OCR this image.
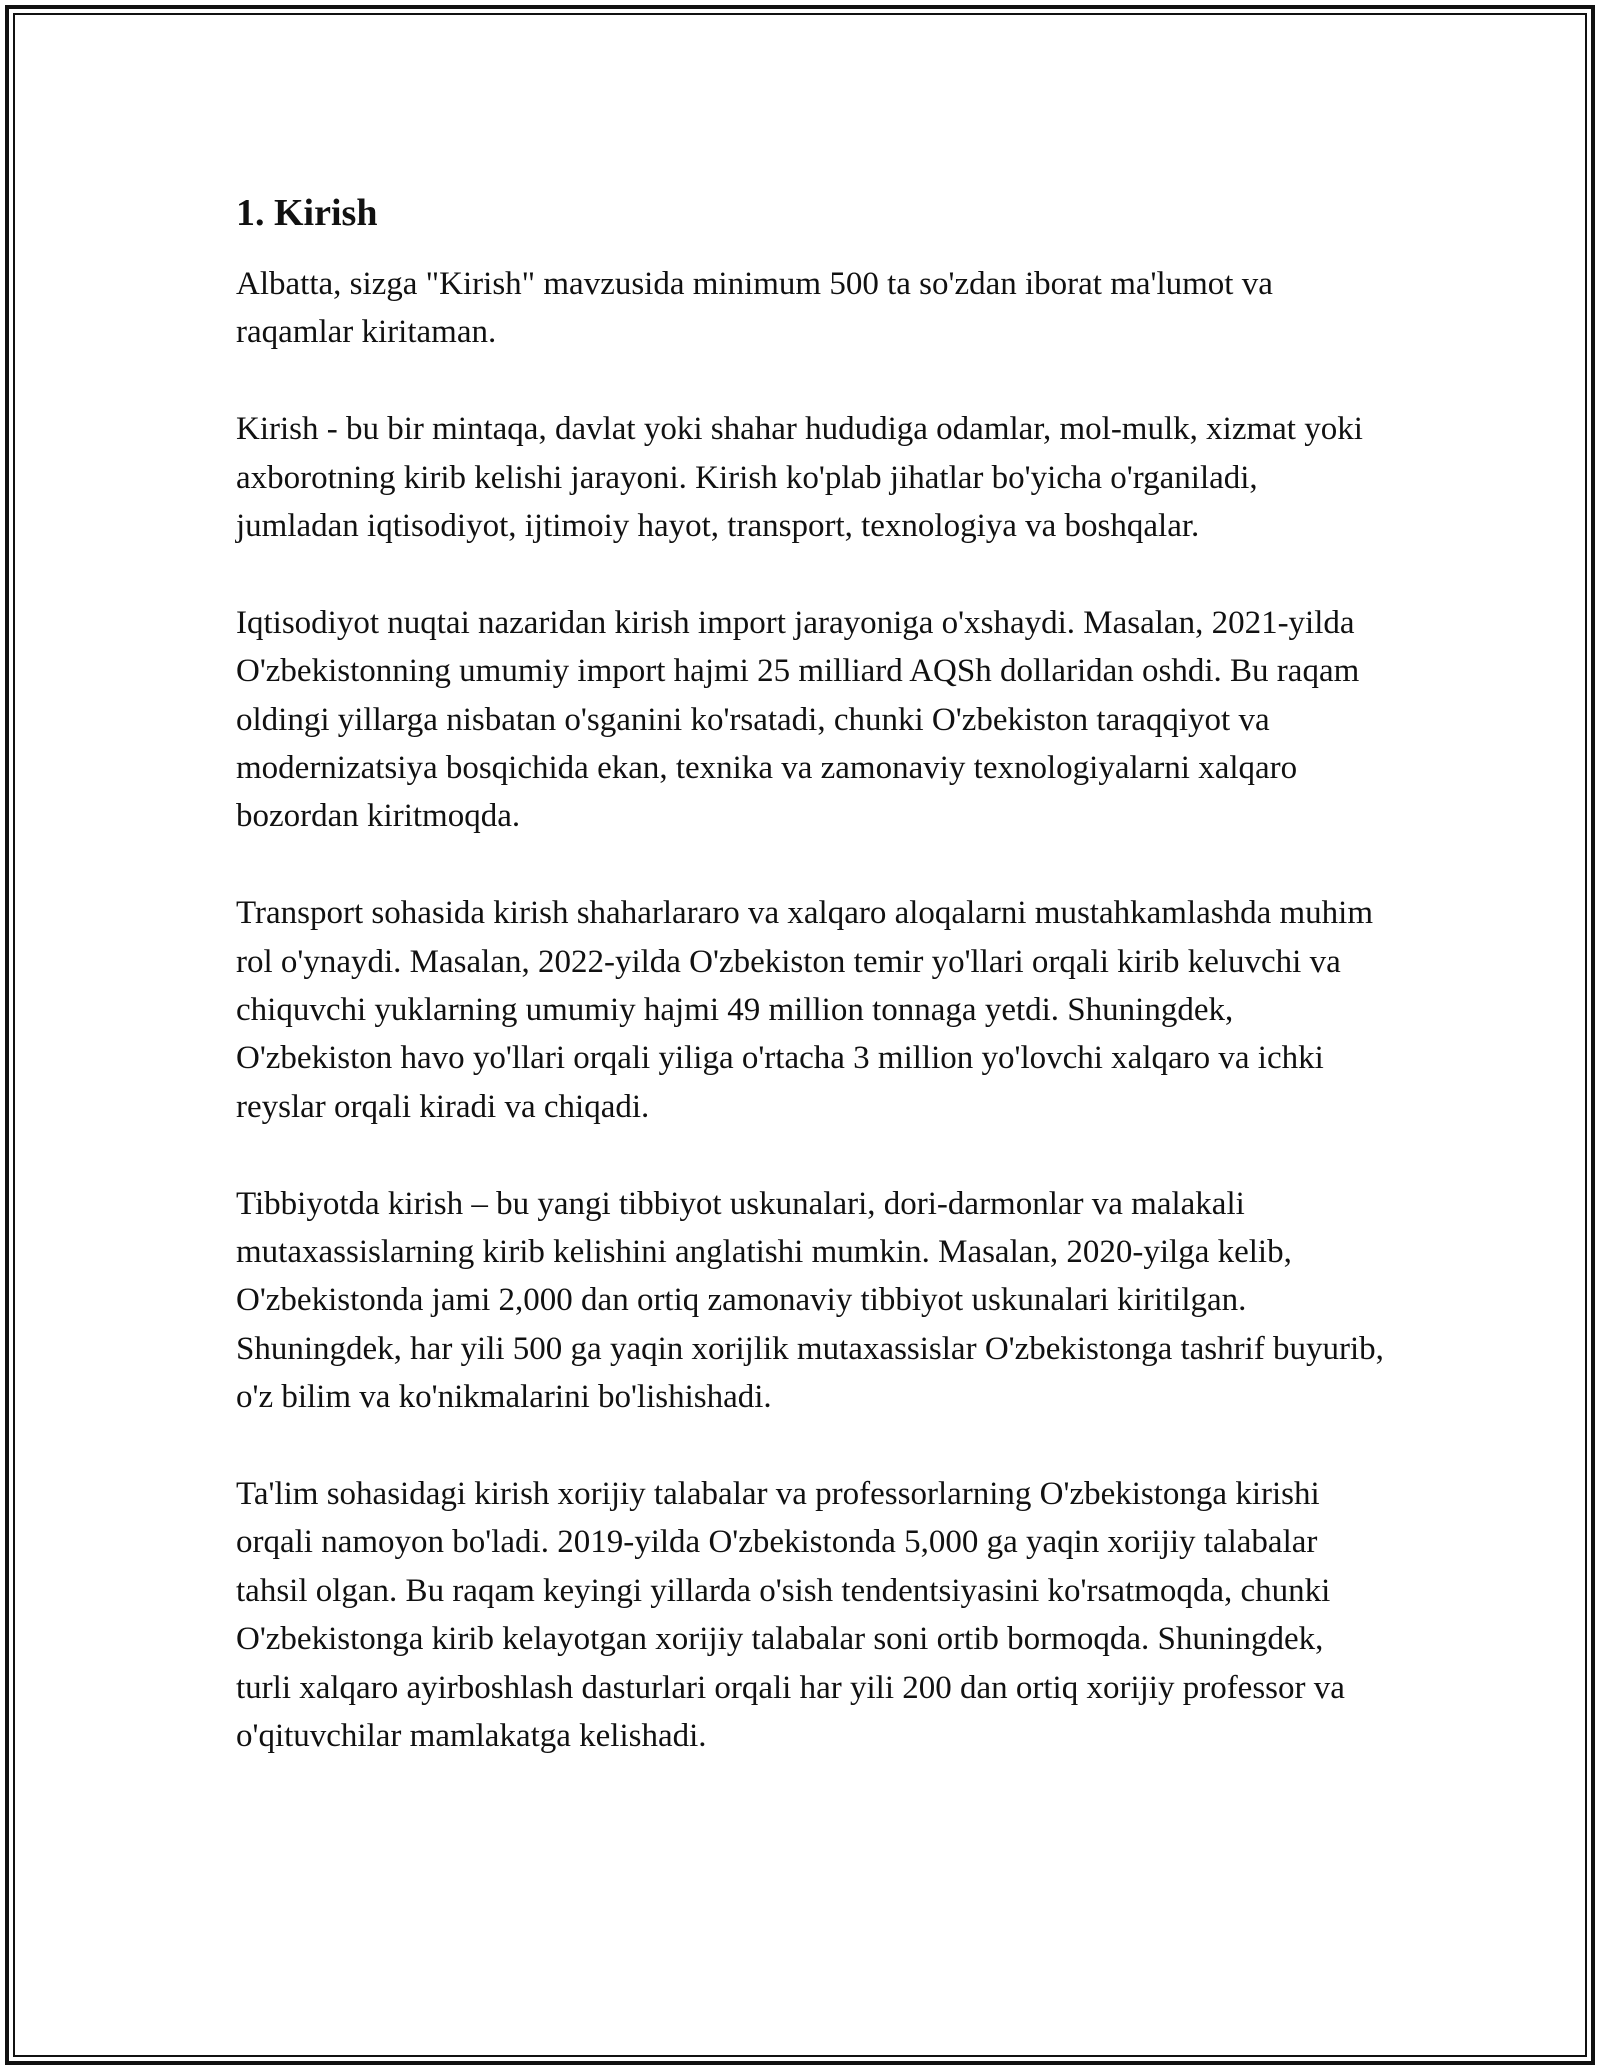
1. Kirish

Albatta, sizga "Kirish" mavzusida minimum 500 ta so'zdan iborat ma'lumot va raqamlar kiritaman.

Kirish - bu bir mintaqa, davlat yoki shahar hududiga odamlar, mol-mulk, xizmat yoki axborotning kirib kelishi jarayoni. Kirish ko'plab jihatlar bo'yicha o'rganiladi, jumladan iqtisodiyot, ijtimoiy hayot, transport, texnologiya va boshqalar.

Iqtisodiyot nuqtai nazaridan kirish import jarayoniga o'xshaydi. Masalan, 2021-yilda O'zbekistonning umumiy import hajmi 25 milliard AQSh dollaridan oshdi. Bu raqam oldingi yillarga nisbatan o'sganini ko'rsatadi, chunki O'zbekiston taraqqiyot va modernizatsiya bosqichida ekan, texnika va zamonaviy texnologiyalarni xalqaro bozordan kiritmoqda.

Transport sohasida kirish shaharlararo va xalqaro aloqalarni mustahkamlashda muhim rol o'ynaydi. Masalan, 2022-yilda O'zbekiston temir yo'llari orqali kirib keluvchi va chiquvchi yuklarning umumiy hajmi 49 million tonnaga yetdi. Shuningdek, O'zbekiston havo yo'llari orqali yiliga o'rtacha 3 million yo'lovchi xalqaro va ichki reyslar orqali kiradi va chiqadi.

Tibbiyotda kirish – bu yangi tibbiyot uskunalari, dori-darmonlar va malakali mutaxassislarning kirib kelishini anglatishi mumkin. Masalan, 2020-yilga kelib, O'zbekistonda jami 2,000 dan ortiq zamonaviy tibbiyot uskunalari kiritilgan. Shuningdek, har yili 500 ga yaqin xorijlik mutaxassislar O'zbekistonga tashrif buyurib, o'z bilim va ko'nikmalarini bo'lishishadi.

Ta'lim sohasidagi kirish xorijiy talabalar va professorlarning O'zbekistonga kirishi orqali namoyon bo'ladi. 2019-yilda O'zbekistonda 5,000 ga yaqin xorijiy talabalar tahsil olgan. Bu raqam keyingi yillarda o'sish tendentsiyasini ko'rsatmoqda, chunki O'zbekistonga kirib kelayotgan xorijiy talabalar soni ortib bormoqda. Shuningdek, turli xalqaro ayirboshlash dasturlari orqali har yili 200 dan ortiq xorijiy professor va o'qituvchilar mamlakatga kelishadi.
